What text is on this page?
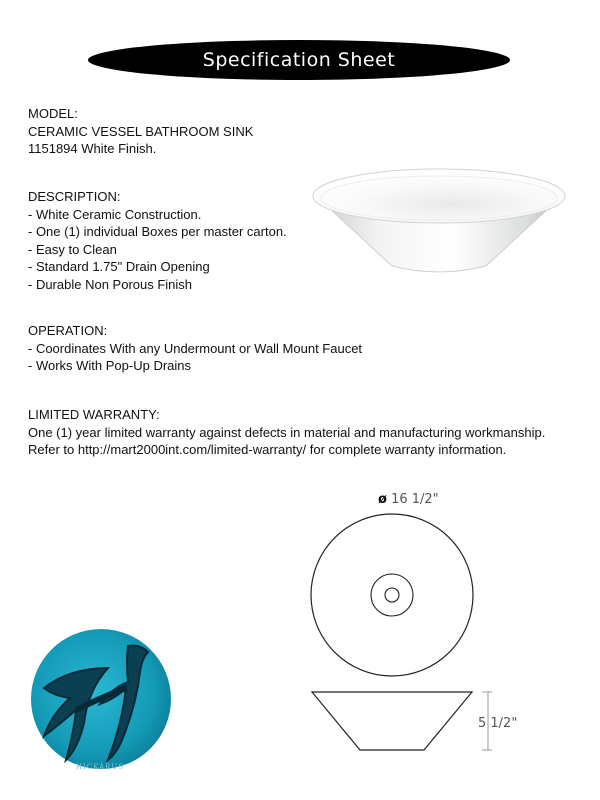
Specification Sheet
MODEL:
CERAMIC VESSEL BATHROOM SINK
1151894 White Finish.
DESCRIPTION:
- White Ceramic Construction.
- One (1) individual Boxes per master carton.
- Easy to Clean
- Standard 1.75" Drain Opening
- Durable Non Porous Finish
OPERATION:
- Coordinates With any Undermount or Wall Mount Faucet
- Works With Pop-Up Drains
LIMITED WARRANTY:
One (1) year limited warranty against defects in material and manufacturing workmanship.
Refer to http://mart2000int.com/limited-warranty/ for complete warranty information.
ø 16 1/2"
5 1/2"
HICKARUS
